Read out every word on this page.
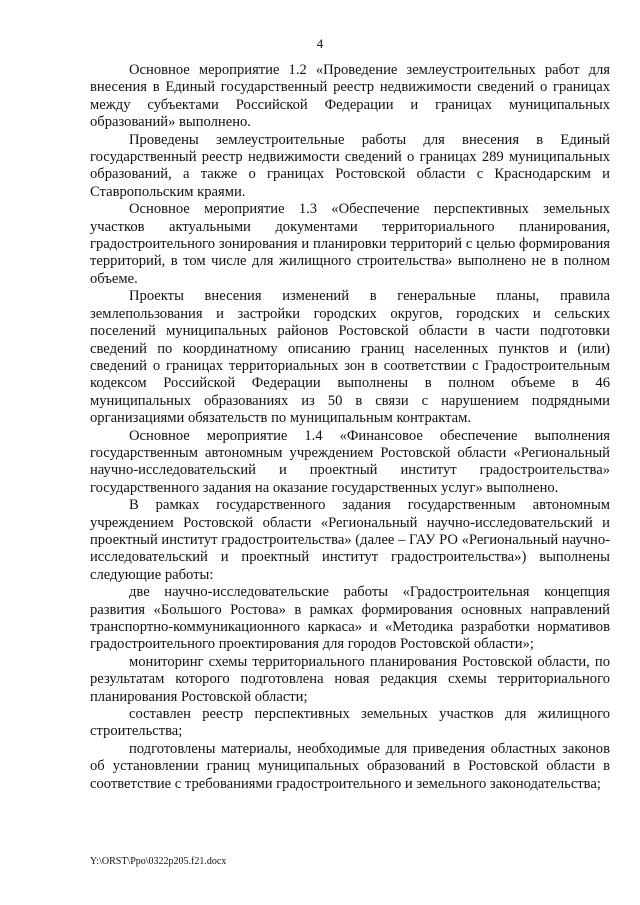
4

Основное мероприятие 1.2 «Проведение землеустроительных работ для внесения в Единый государственный реестр недвижимости сведений о границах между субъектами Российской Федерации и границах муниципальных образований» выполнено.

Проведены землеустроительные работы для внесения в Единый государственный реестр недвижимости сведений о границах 289 муниципальных образований, а также о границах Ростовской области с Краснодарским и Ставропольским краями.

Основное мероприятие 1.3 «Обеспечение перспективных земельных участков актуальными документами территориального планирования, градостроительного зонирования и планировки территорий с целью формирования территорий, в том числе для жилищного строительства» выполнено не в полном объеме.

Проекты внесения изменений в генеральные планы, правила землепользования и застройки городских округов, городских и сельских поселений муниципальных районов Ростовской области в части подготовки сведений по координатному описанию границ населенных пунктов и (или) сведений о границах территориальных зон в соответствии с Градостроительным кодексом Российской Федерации выполнены в полном объеме в 46 муниципальных образованиях из 50 в связи с нарушением подрядными организациями обязательств по муниципальным контрактам.

Основное мероприятие 1.4 «Финансовое обеспечение выполнения государственным автономным учреждением Ростовской области «Региональный научно-исследовательский и проектный институт градостроительства» государственного задания на оказание государственных услуг» выполнено.

В рамках государственного задания государственным автономным учреждением Ростовской области «Региональный научно-исследовательский и проектный институт градостроительства» (далее – ГАУ РО «Региональный научно-исследовательский и проектный институт градостроительства») выполнены следующие работы:

две научно-исследовательские работы «Градостроительная концепция развития «Большого Ростова» в рамках формирования основных направлений транспортно-коммуникационного каркаса» и «Методика разработки нормативов градостроительного проектирования для городов Ростовской области»;

мониторинг схемы территориального планирования Ростовской области, по результатам которого подготовлена новая редакция схемы территориального планирования Ростовской области;

составлен реестр перспективных земельных участков для жилищного строительства;

подготовлены материалы, необходимые для приведения областных законов об установлении границ муниципальных образований в Ростовской области в соответствие с требованиями градостроительного и земельного законодательства;

Y:\ORST\Ppo\0322p205.f21.docx
